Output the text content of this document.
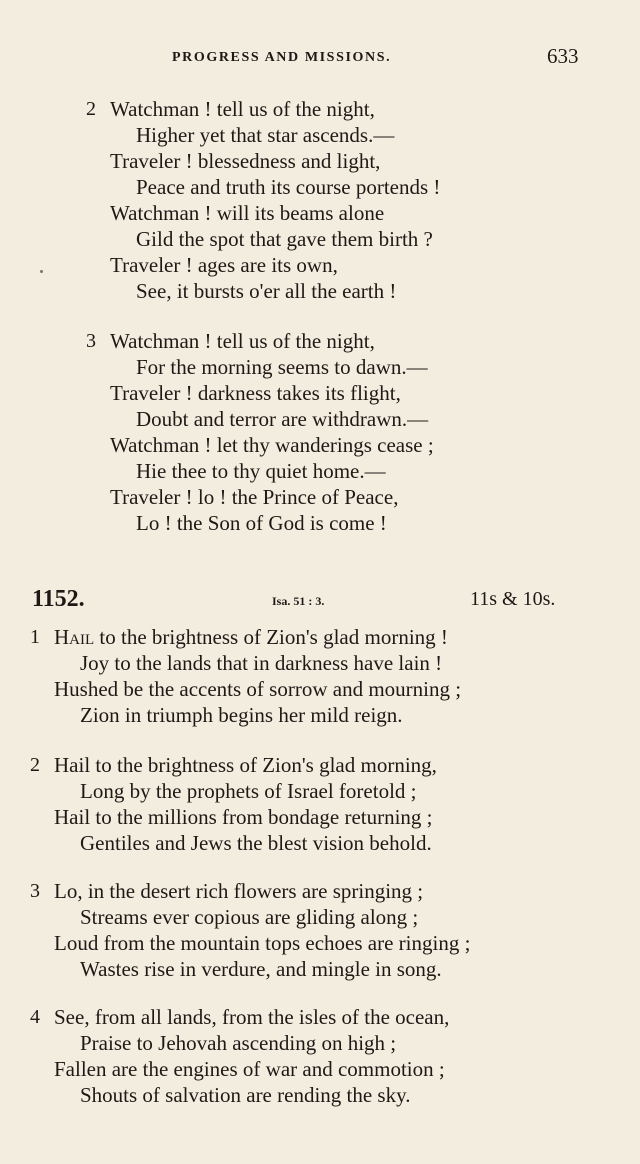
PROGRESS AND MISSIONS.	633
2 Watchman ! tell us of the night,
Higher yet that star ascends.—
Traveler ! blessedness and light,
Peace and truth its course portends !
Watchman ! will its beams alone
Gild the spot that gave them birth ?
Traveler ! ages are its own,
See, it bursts o'er all the earth !
3 Watchman ! tell us of the night,
For the morning seems to dawn.—
Traveler ! darkness takes its flight,
Doubt and terror are withdrawn.—
Watchman ! let thy wanderings cease ;
Hie thee to thy quiet home.—
Traveler ! lo ! the Prince of Peace,
Lo ! the Son of God is come !
1152.	Isa. 51 : 3.	11s & 10s.
1 Hail to the brightness of Zion's glad morning !
Joy to the lands that in darkness have lain !
Hushed be the accents of sorrow and mourning ;
Zion in triumph begins her mild reign.
2 Hail to the brightness of Zion's glad morning,
Long by the prophets of Israel foretold ;
Hail to the millions from bondage returning ;
Gentiles and Jews the blest vision behold.
3 Lo, in the desert rich flowers are springing ;
Streams ever copious are gliding along ;
Loud from the mountain tops echoes are ringing ;
Wastes rise in verdure, and mingle in song.
4 See, from all lands, from the isles of the ocean,
Praise to Jehovah ascending on high ;
Fallen are the engines of war and commotion ;
Shouts of salvation are rending the sky.
